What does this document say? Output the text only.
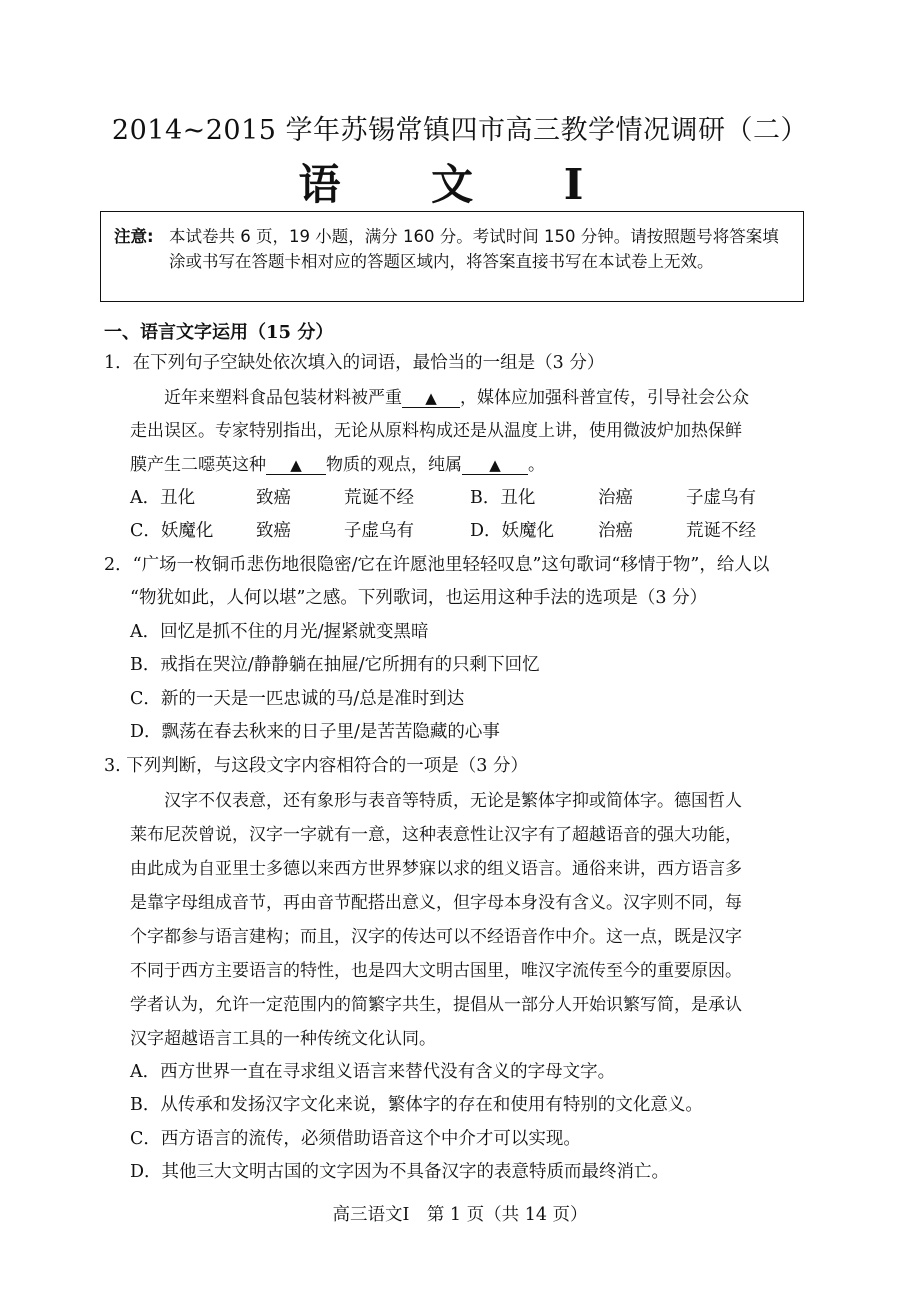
2014~2015 学年苏锡常镇四市高三教学情况调研（二）
语 文 I
注意: 本试卷共 6 页，19 小题，满分 160 分。考试时间 150 分钟。请按照题号将答案填涂或书写在答题卡相对应的答题区域内，将答案直接书写在本试卷上无效。
一、语言文字运用（15 分）
1．在下列句子空缺处依次填入的词语，最恰当的一组是（3 分）
近年来塑料食品包装材料被严重 ▲ ，媒体应加强科普宣传，引导社会公众
走出误区。专家特别指出，无论从原料构成还是从温度上讲，使用微波炉加热保鲜
膜产生二噁英这种 ▲ 物质的观点，纯属 ▲ 。
A．丑化	致癌	荒诞不经	B．丑化	治癌	子虚乌有
C．妖魔化 致癌	子虚乌有	D．妖魔化	治癌	荒诞不经
2．“广场一枚铜币悲伤地很隐密/它在许愿池里轻轻叹息”这句歌词“移情于物”，给人以
“物犹如此，人何以堪”之感。下列歌词，也运用这种手法的选项是（3 分）
A．回忆是抓不住的月光/握紧就变黑暗
B．戒指在哭泣/静静躺在抽屉/它所拥有的只剩下回忆
C．新的一天是一匹忠诚的马/总是准时到达
D．飘荡在春去秋来的日子里/是苦苦隐藏的心事
3. 下列判断，与这段文字内容相符合的一项是（3 分）
汉字不仅表意，还有象形与表音等特质，无论是繁体字抑或简体字。德国哲人
莱布尼茨曾说，汉字一字就有一意，这种表意性让汉字有了超越语音的强大功能，
由此成为自亚里士多德以来西方世界梦寐以求的组义语言。通俗来讲，西方语言多
是靠字母组成音节，再由音节配搭出意义，但字母本身没有含义。汉字则不同，每
个字都参与语言建构；而且，汉字的传达可以不经语音作中介。这一点，既是汉字
不同于西方主要语言的特性，也是四大文明古国里，唯汉字流传至今的重要原因。
学者认为，允许一定范围内的简繁字共生，提倡从一部分人开始识繁写简，是承认
汉字超越语言工具的一种传统文化认同。
A．西方世界一直在寻求组义语言来替代没有含义的字母文字。
B．从传承和发扬汉字文化来说，繁体字的存在和使用有特别的文化意义。
C．西方语言的流传，必须借助语音这个中介才可以实现。
D．其他三大文明古国的文字因为不具备汉字的表意特质而最终消亡。
高三语文Ⅰ　第 1 页（共 14 页）
